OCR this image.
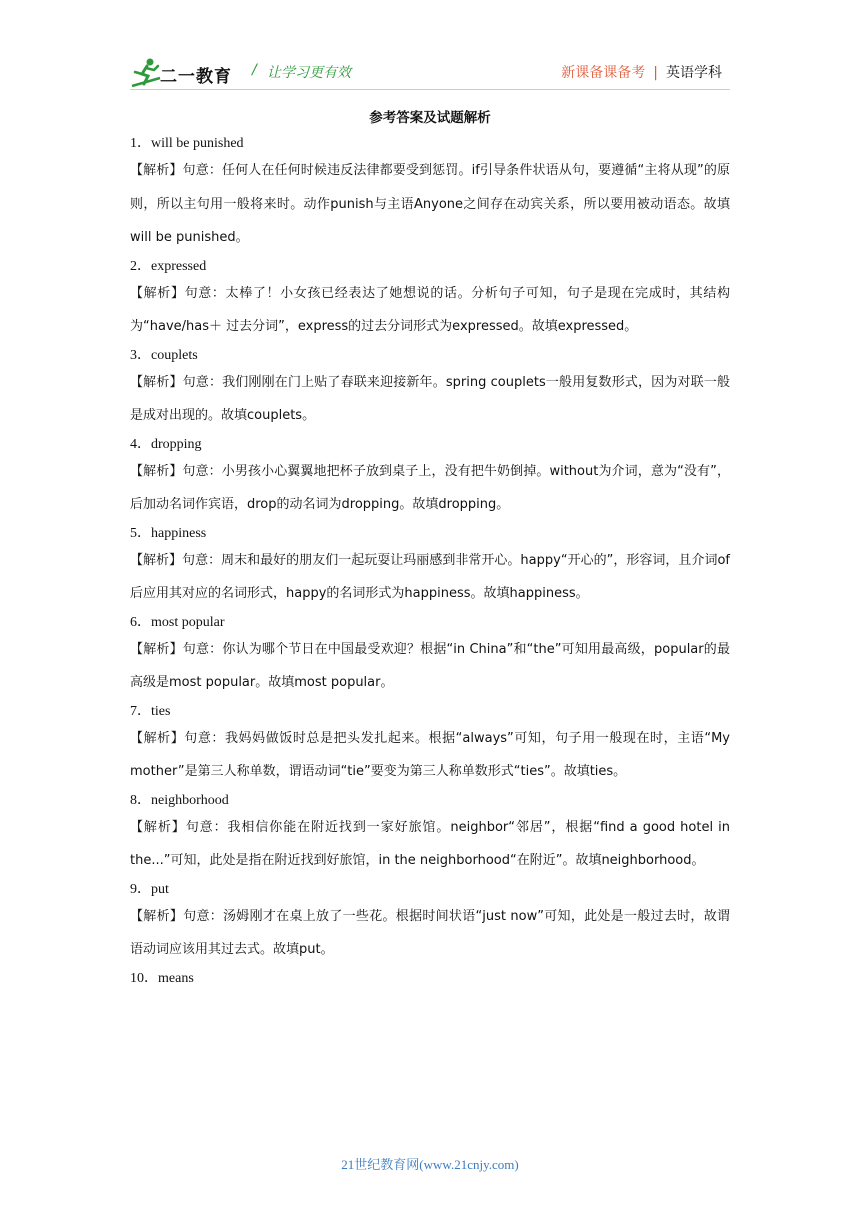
二一教育 / 让学习更有效	新课备课备考 | 英语学科
参考答案及试题解析

1．will be punished

【解析】句意：任何人在任何时候违反法律都要受到惩罚。if引导条件状语从句，要遵循“主将从现”的原则，所以主句用一般将来时。动作punish与主语Anyone之间存在动宾关系，所以要用被动语态。故填will be punished。

2．expressed

【解析】句意：太棒了！小女孩已经表达了她想说的话。分析句子可知，句子是现在完成时，其结构为“have/has＋ 过去分词”，express的过去分词形式为expressed。故填expressed。

3．couplets

【解析】句意：我们刚刚在门上贴了春联来迎接新年。spring couplets一般用复数形式，因为对联一般是成对出现的。故填couplets。

4．dropping

【解析】句意：小男孩小心翼翼地把杯子放到桌子上，没有把牛奶倒掉。without为介词，意为“没有”，后加动名词作宾语，drop的动名词为dropping。故填dropping。

5．happiness

【解析】句意：周末和最好的朋友们一起玩耍让玛丽感到非常开心。happy“开心的”，形容词，且介词of后应用其对应的名词形式，happy的名词形式为happiness。故填happiness。

6．most popular

【解析】句意：你认为哪个节日在中国最受欢迎？根据“in China”和“the”可知用最高级，popular的最高级是most popular。故填most popular。

7．ties

【解析】句意：我妈妈做饭时总是把头发扎起来。根据“always”可知，句子用一般现在时，主语“My mother”是第三人称单数，谓语动词“tie”要变为第三人称单数形式“ties”。故填ties。

8．neighborhood

【解析】句意：我相信你能在附近找到一家好旅馆。neighbor“邻居”，根据“find a good hotel in the...”可知，此处是指在附近找到好旅馆，in the neighborhood“在附近”。故填neighborhood。

9．put

【解析】句意：汤姆刚才在桌上放了一些花。根据时间状语“just now”可知，此处是一般过去时，故谓语动词应该用其过去式。故填put。

10．means

21世纪教育网(www.21cnjy.com)
